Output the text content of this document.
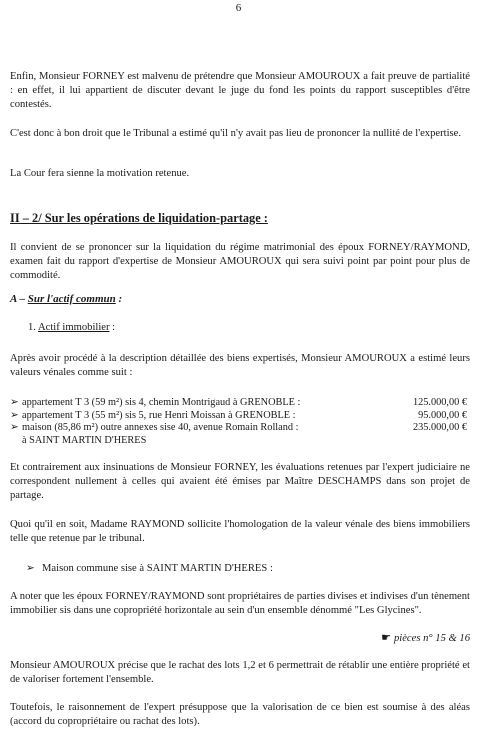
6
Enfin, Monsieur FORNEY est malvenu de prétendre que Monsieur AMOUROUX a fait preuve de partialité : en effet, il lui appartient de discuter devant le juge du fond les points du rapport susceptibles d'être contestés.
C'est donc à bon droit que le Tribunal a estimé qu'il n'y avait pas lieu de prononcer la nullité de l'expertise.
La Cour fera sienne la motivation retenue.
II – 2/ Sur les opérations de liquidation-partage :
Il convient de se prononcer sur la liquidation du régime matrimonial des époux FORNEY/RAYMOND, examen fait du rapport d'expertise de Monsieur AMOUROUX qui sera suivi point par point pour plus de commodité.
A – Sur l'actif commun :
1. Actif immobilier :
Après avoir procédé à la description détaillée des biens expertisés, Monsieur AMOUROUX a estimé leurs valeurs vénales comme suit :
➢ appartement T 3 (59 m²) sis 4, chemin Montrigaud à GRENOBLE :	125.000,00 €
➢ appartement T 3 (55 m²) sis 5, rue Henri Moissan à GRENOBLE :	95.000,00 €
➢ maison (85,86 m²) outre annexes sise 40, avenue Romain Rolland :	235.000,00 €
à SAINT MARTIN D'HERES
Et contrairement aux insinuations de Monsieur FORNEY, les évaluations retenues par l'expert judiciaire ne correspondent nullement à celles qui avaient été émises par Maître DESCHAMPS dans son projet de partage.
Quoi qu'il en soit, Madame RAYMOND sollicite l'homologation de la valeur vénale des biens immobiliers telle que retenue par le tribunal.
➢ Maison commune sise à SAINT MARTIN D'HERES :
A noter que les époux FORNEY/RAYMOND sont propriétaires de parties divises et indivises d'un tènement immobilier sis dans une copropriété horizontale au sein d'un ensemble dénommé "Les Glycines".
☛ pièces n° 15 & 16
Monsieur AMOUROUX précise que le rachat des lots 1,2 et 6 permettrait de rétablir une entière propriété et de valoriser fortement l'ensemble.
Toutefois, le raisonnement de l'expert présuppose que la valorisation de ce bien est soumise à des aléas (accord du copropriétaire ou rachat des lots).
